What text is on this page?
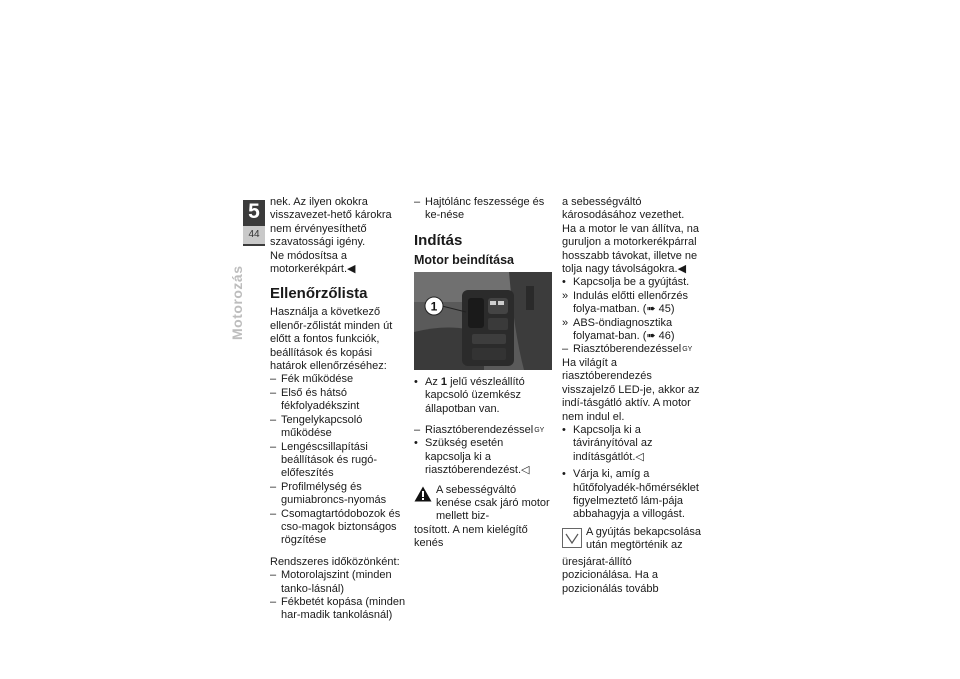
5
44
Motorozás

nek. Az ilyen okokra visszavezet-hető károkra nem érvényesíthető szavatossági igény.

Ne módosítsa a motorkerékpárt.◀

Ellenőrzőlista

Használja a következő ellenőr-zőlistát minden út előtt a fontos funkciók, beállítások és kopási határok ellenőrzéséhez:

– Fék működése
– Első és hátsó fékfolyadékszint
– Tengelykapcsoló működése
– Lengéscsillapítási beállítások és rugó-előfeszítés
– Profilmélység és gumiabroncs-nyomás
– Csomagtartódobozok és cso-magok biztonságos rögzítése

Rendszeres időközönként:

– Motorolajszint (minden tanko-lásnál)
– Fékbetét kopása (minden har-madik tankolásnál)
– Hajtólánc feszessége és ke-nése
Indítás
Motor beindítása
1
• Az 1 jelű vészleállító kapcsoló üzemkész állapotban van.
– Riasztóberendezéssel$^{GY}$
• Szükség esetén kapcsolja ki a riasztóberendezést.◁
A sebességváltó kenése csak járó motor mellett biz-

tosított. A nem kielégítő kenés

a sebességváltó károsodásához vezethet.

Ha a motor le van állítva, na guruljon a motorkerékpárral hosszabb távokat, illetve ne tolja nagy távolságokra.◀

• Kapcsolja be a gyújtást.
» Indulás előtti ellenőrzés folya-matban. (➠ 45)
» ABS-öndiagnosztika folyamat-ban. (➠ 46)
– Riasztóberendezéssel$^{GY}$

Ha világít a riasztóberendezés visszajelző LED-je, akkor az indí-tásgátló aktív. A motor nem indul el.

• Kapcsolja ki a távirányítóval az indításgátlót.◁
• Várja ki, amíg a hűtőfolyadék-hőmérséklet figyelmeztető lám-pája abbahagyja a villogást.
A gyújtás bekapcsolása után megtörténik az

üresjárat-állító pozicionálása. Ha a pozicionálás tovább
